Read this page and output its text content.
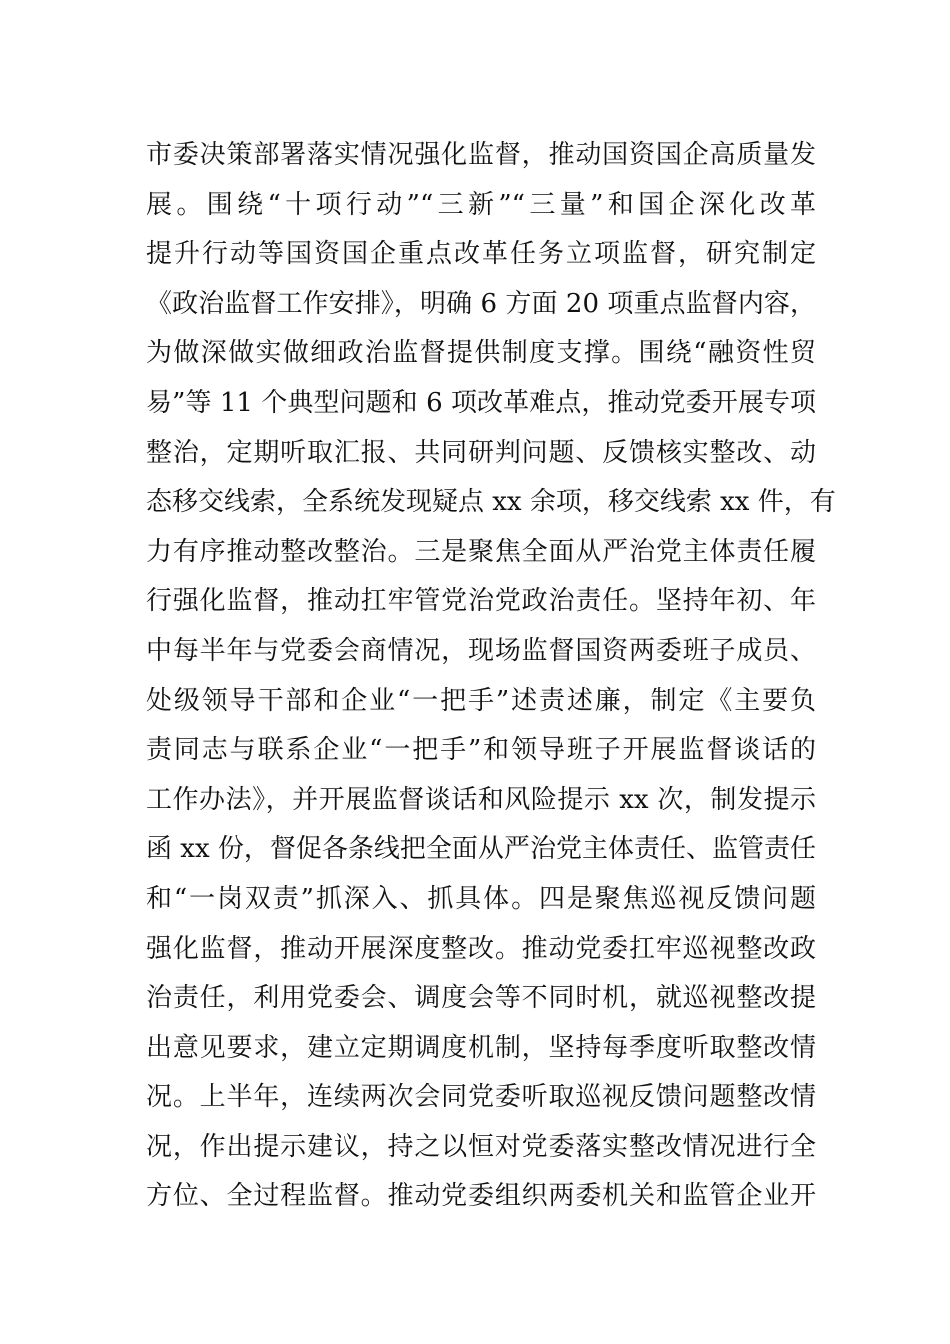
市委决策部署落实情况强化监督，推动国资国企高质量发
展。围绕“十项行动”“三新”“三量”和国企深化改革
提升行动等国资国企重点改革任务立项监督，研究制定
《政治监督工作安排》，明确 6 方面 20 项重点监督内容，
为做深做实做细政治监督提供制度支撑。围绕“融资性贸
易”等 11 个典型问题和 6 项改革难点，推动党委开展专项
整治，定期听取汇报、共同研判问题、反馈核实整改、动
态移交线索，全系统发现疑点 xx 余项，移交线索 xx 件，有
力有序推动整改整治。三是聚焦全面从严治党主体责任履
行强化监督，推动扛牢管党治党政治责任。坚持年初、年
中每半年与党委会商情况，现场监督国资两委班子成员、
处级领导干部和企业“一把手”述责述廉，制定《主要负
责同志与联系企业“一把手”和领导班子开展监督谈话的
工作办法》，并开展监督谈话和风险提示 xx 次，制发提示
函 xx 份，督促各条线把全面从严治党主体责任、监管责任
和“一岗双责”抓深入、抓具体。四是聚焦巡视反馈问题
强化监督，推动开展深度整改。推动党委扛牢巡视整改政
治责任，利用党委会、调度会等不同时机，就巡视整改提
出意见要求，建立定期调度机制，坚持每季度听取整改情
况。上半年，连续两次会同党委听取巡视反馈问题整改情
况，作出提示建议，持之以恒对党委落实整改情况进行全
方位、全过程监督。推动党委组织两委机关和监管企业开
